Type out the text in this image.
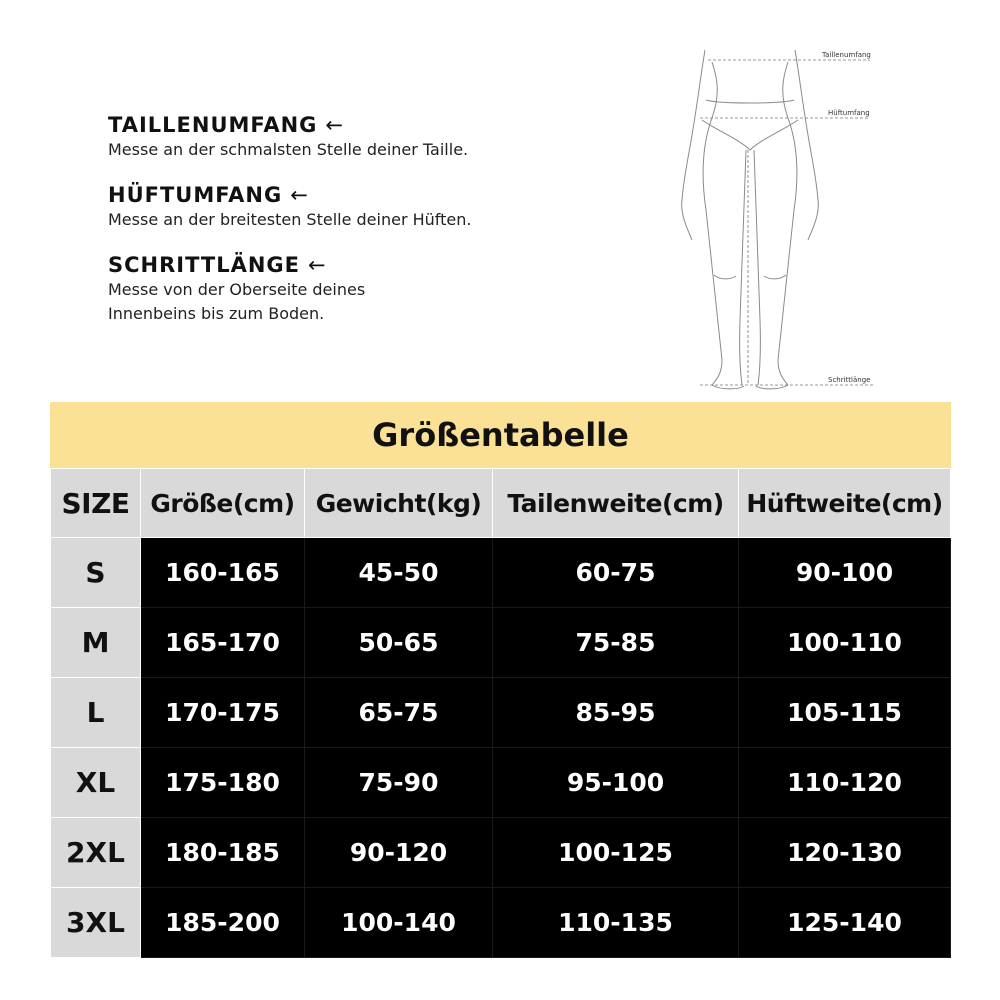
TAILLENUMFANG ←
Messe an der schmalsten Stelle deiner Taille.
HÜFTUMFANG ←
Messe an der breitesten Stelle deiner Hüften.
SCHRITTLÄNGE ←
Messe von der Oberseite deines
Innenbeins bis zum Boden.
Taillenumfang
Hüftumfang
Schrittlänge
Größentabelle
SIZE	Größe(cm)	Gewicht(kg)	Tailenweite(cm)	Hüftweite(cm)
S	160-165	45-50	60-75	90-100
M	165-170	50-65	75-85	100-110
L	170-175	65-75	85-95	105-115
XL	175-180	75-90	95-100	110-120
2XL	180-185	90-120	100-125	120-130
3XL	185-200	100-140	110-135	125-140
